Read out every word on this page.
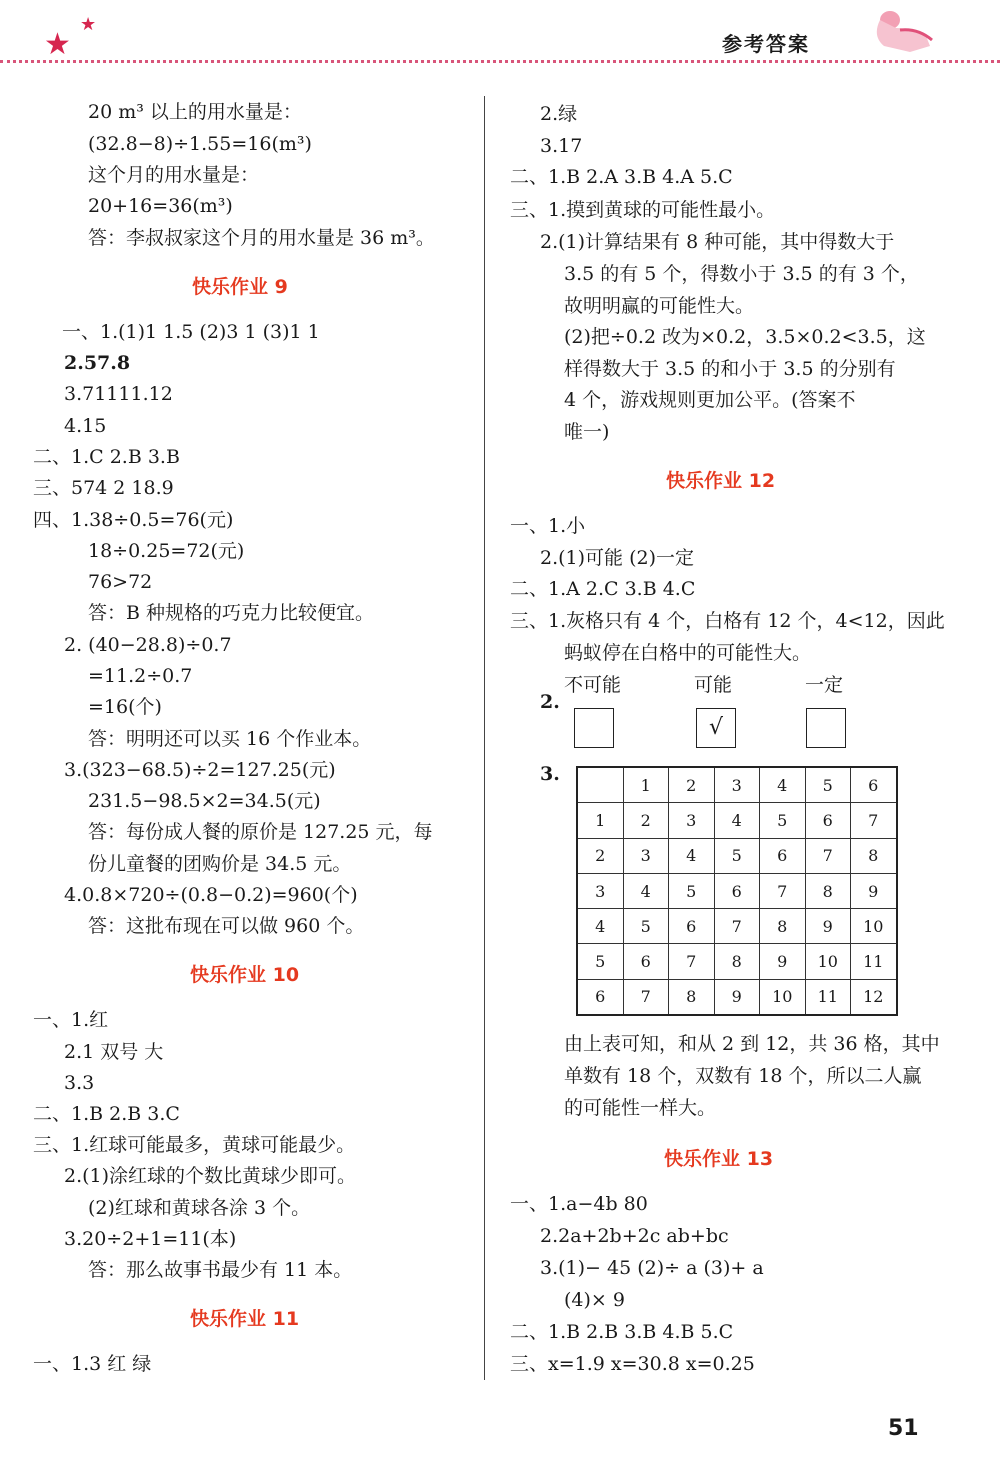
★
★
参考答案
20 m³ 以上的用水量是：
(32.8−8)÷1.55=16(m³)
这个月的用水量是：
20+16=36(m³)
答：李叔叔家这个月的用水量是 36 m³。
快乐作业 9
一、1.(1)1 1.5 (2)3 1 (3)1 1
2.57.8
3.71111.12
4.15
二、1.C 2.B 3.B
三、574 2 18.9
四、1.38÷0.5=76(元)
18÷0.25=72(元)
76>72
答：B 种规格的巧克力比较便宜。
2. (40−28.8)÷0.7
=11.2÷0.7
=16(个)
答：明明还可以买 16 个作业本。
3.(323−68.5)÷2=127.25(元)
231.5−98.5×2=34.5(元)
答：每份成人餐的原价是 127.25 元，每
份儿童餐的团购价是 34.5 元。
4.0.8×720÷(0.8−0.2)=960(个)
答：这批布现在可以做 960 个。
快乐作业 10
一、1.红
2.1 双号 大
3.3
二、1.B 2.B 3.C
三、1.红球可能最多，黄球可能最少。
2.(1)涂红球的个数比黄球少即可。
(2)红球和黄球各涂 3 个。
3.20÷2+1=11(本)
答：那么故事书最少有 11 本。
快乐作业 11
一、1.3 红 绿
2.绿
3.17
二、1.B 2.A 3.B 4.A 5.C
三、1.摸到黄球的可能性最小。
2.(1)计算结果有 8 种可能，其中得数大于
3.5 的有 5 个，得数小于 3.5 的有 3 个，
故明明赢的可能性大。
(2)把÷0.2 改为×0.2，3.5×0.2<3.5，这
样得数大于 3.5 的和小于 3.5 的分别有
4 个，游戏规则更加公平。(答案不
唯一)
快乐作业 12
一、1.小
2.(1)可能 (2)一定
二、1.A 2.C 3.B 4.C
三、1.灰格只有 4 个，白格有 12 个，4<12，因此
蚂蚁停在白格中的可能性大。
2.
不可能	可能	一定
√
3.
	1	2	3	4	5	6
1	2	3	4	5	6	7
2	3	4	5	6	7	8
3	4	5	6	7	8	9
4	5	6	7	8	9	10
5	6	7	8	9	10	11
6	7	8	9	10	11	12
由上表可知，和从 2 到 12，共 36 格，其中
单数有 18 个，双数有 18 个，所以二人赢
的可能性一样大。
快乐作业 13
一、1.a−4b 80
2.2a+2b+2c ab+bc
3.(1)− 45 (2)÷ a (3)+ a
(4)× 9
二、1.B 2.B 3.B 4.B 5.C
三、x=1.9 x=30.8 x=0.25
51
